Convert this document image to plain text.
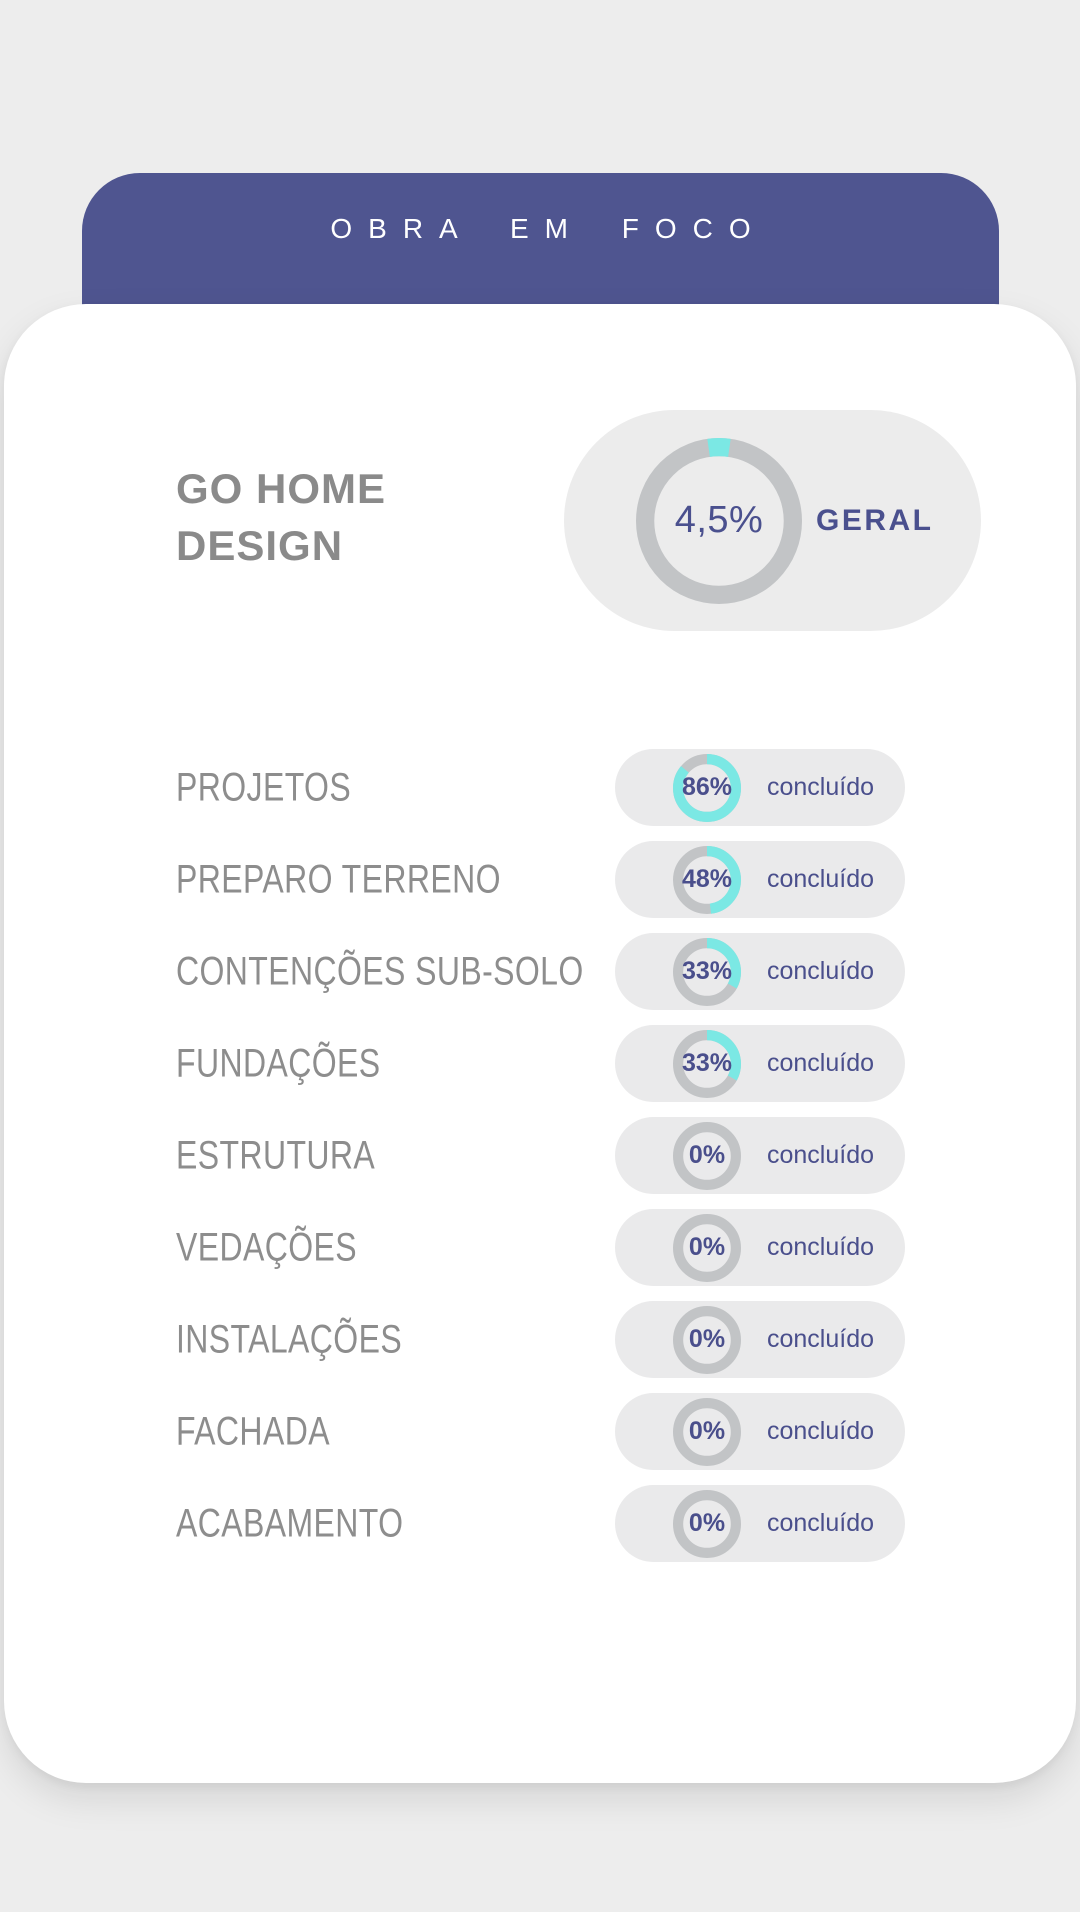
OBRA EM FOCO
GO HOME DESIGN
4,5%	GERAL
PROJETOS	86%	concluído
PREPARO TERRENO	48%	concluído
CONTENÇÕES SUB-SOLO	33%	concluído
FUNDAÇÕES	33%	concluído
ESTRUTURA	0%	concluído
VEDAÇÕES	0%	concluído
INSTALAÇÕES	0%	concluído
FACHADA	0%	concluído
ACABAMENTO	0%	concluído
